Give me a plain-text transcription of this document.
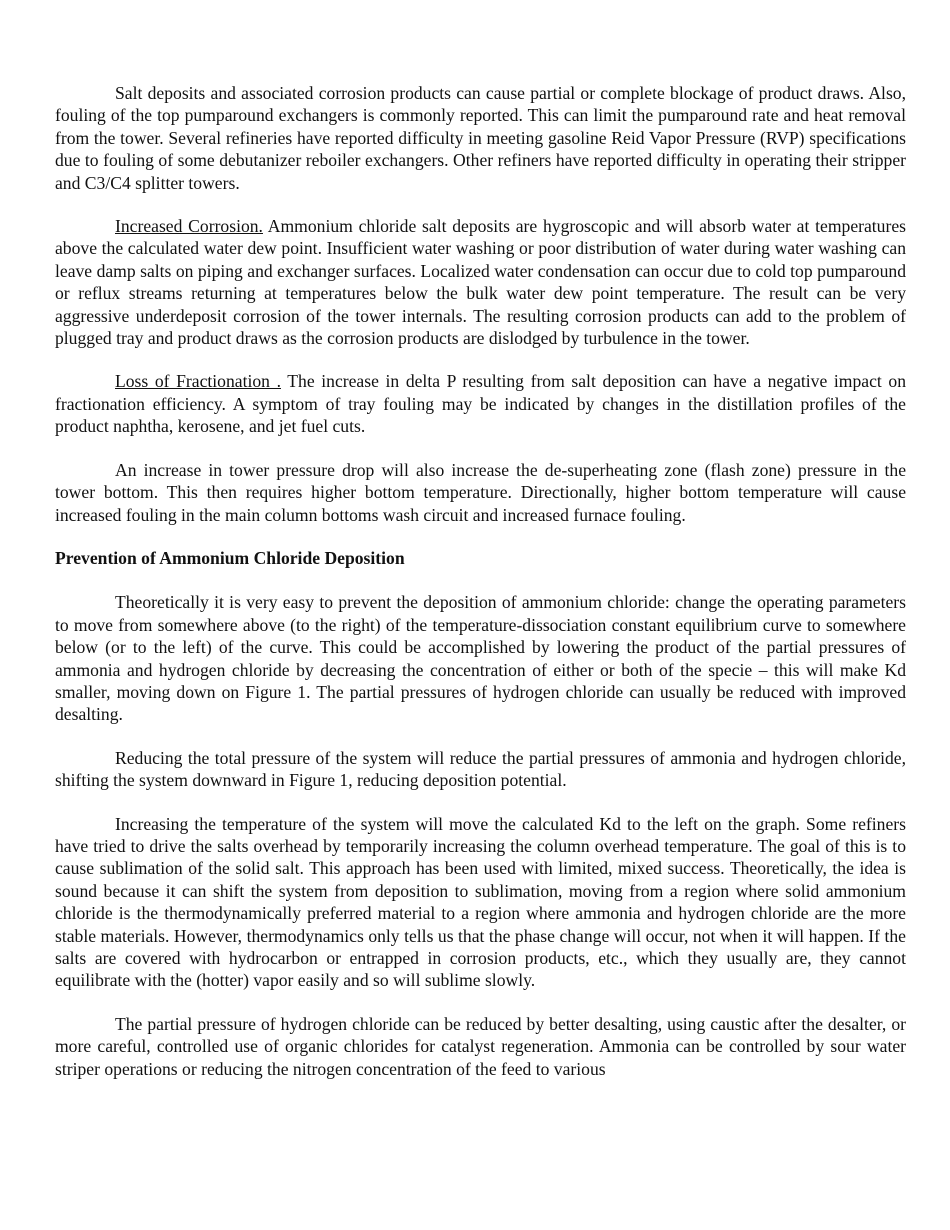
Salt deposits and associated corrosion products can cause partial or complete blockage of product draws. Also, fouling of the top pumparound exchangers is commonly reported. This can limit the pumparound rate and heat removal from the tower. Several refineries have reported difficulty in meeting gasoline Reid Vapor Pressure (RVP) specifications due to fouling of some debutanizer reboiler exchangers. Other refiners have reported difficulty in operating their stripper and C3/C4 splitter towers.

Increased Corrosion. Ammonium chloride salt deposits are hygroscopic and will absorb water at temperatures above the calculated water dew point. Insufficient water washing or poor distribution of water during water washing can leave damp salts on piping and exchanger surfaces. Localized water condensation can occur due to cold top pumparound or reflux streams returning at temperatures below the bulk water dew point temperature. The result can be very aggressive underdeposit corrosion of the tower internals. The resulting corrosion products can add to the problem of plugged tray and product draws as the corrosion products are dislodged by turbulence in the tower.

Loss of Fractionation . The increase in delta P resulting from salt deposition can have a negative impact on fractionation efficiency. A symptom of tray fouling may be indicated by changes in the distillation profiles of the product naphtha, kerosene, and jet fuel cuts.

An increase in tower pressure drop will also increase the de-superheating zone (flash zone) pressure in the tower bottom. This then requires higher bottom temperature. Directionally, higher bottom temperature will cause increased fouling in the main column bottoms wash circuit and increased furnace fouling.

Prevention of Ammonium Chloride Deposition

Theoretically it is very easy to prevent the deposition of ammonium chloride: change the operating parameters to move from somewhere above (to the right) of the temperature-dissociation constant equilibrium curve to somewhere below (or to the left) of the curve. This could be accomplished by lowering the product of the partial pressures of ammonia and hydrogen chloride by decreasing the concentration of either or both of the specie – this will make Kd smaller, moving down on Figure 1. The partial pressures of hydrogen chloride can usually be reduced with improved desalting.

Reducing the total pressure of the system will reduce the partial pressures of ammonia and hydrogen chloride, shifting the system downward in Figure 1, reducing deposition potential.

Increasing the temperature of the system will move the calculated Kd to the left on the graph. Some refiners have tried to drive the salts overhead by temporarily increasing the column overhead temperature. The goal of this is to cause sublimation of the solid salt. This approach has been used with limited, mixed success. Theoretically, the idea is sound because it can shift the system from deposition to sublimation, moving from a region where solid ammonium chloride is the thermodynamically preferred material to a region where ammonia and hydrogen chloride are the more stable materials. However, thermodynamics only tells us that the phase change will occur, not when it will happen. If the salts are covered with hydrocarbon or entrapped in corrosion products, etc., which they usually are, they cannot equilibrate with the (hotter) vapor easily and so will sublime slowly.

The partial pressure of hydrogen chloride can be reduced by better desalting, using caustic after the desalter, or more careful, controlled use of organic chlorides for catalyst regeneration. Ammonia can be controlled by sour water striper operations or reducing the nitrogen concentration of the feed to various
